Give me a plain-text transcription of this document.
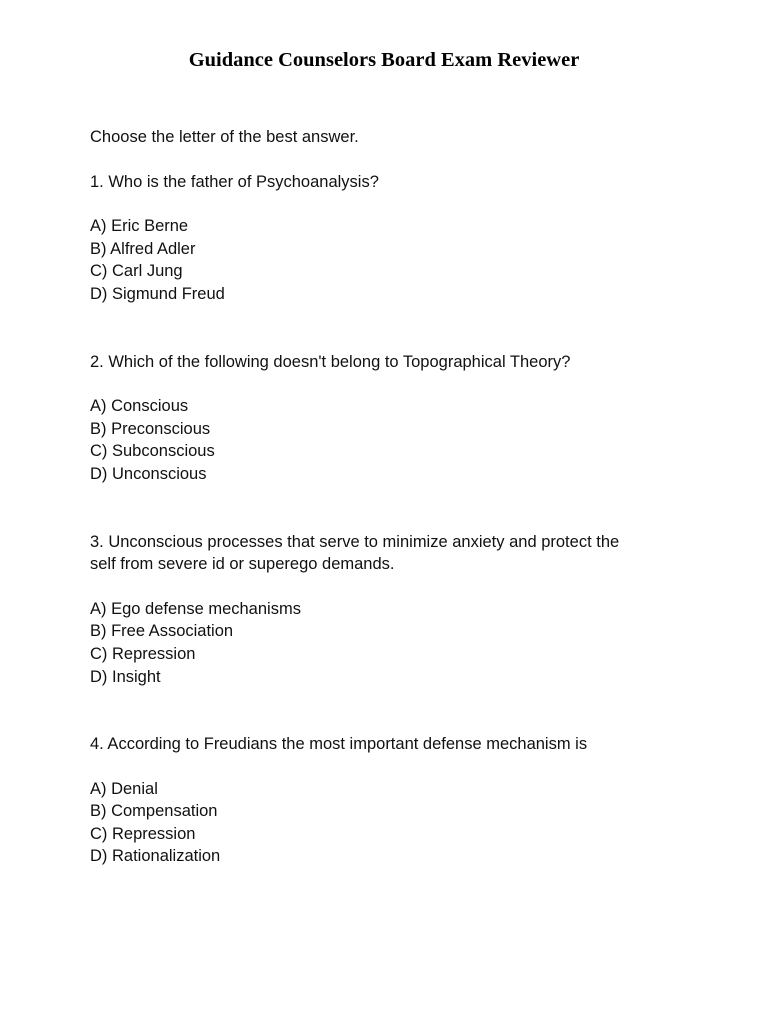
Guidance Counselors Board Exam Reviewer
Choose the letter of the best answer.
1. Who is the father of Psychoanalysis?
A) Eric Berne
B) Alfred Adler
C) Carl Jung
D) Sigmund Freud
2. Which of the following doesn't belong to Topographical Theory?
A) Conscious
B) Preconscious
C) Subconscious
D) Unconscious
3. Unconscious processes that serve to minimize anxiety and protect the
self from severe id or superego demands.
A) Ego defense mechanisms
B) Free Association
C) Repression
D) Insight
4. According to Freudians the most important defense mechanism is
A) Denial
B) Compensation
C) Repression
D) Rationalization
